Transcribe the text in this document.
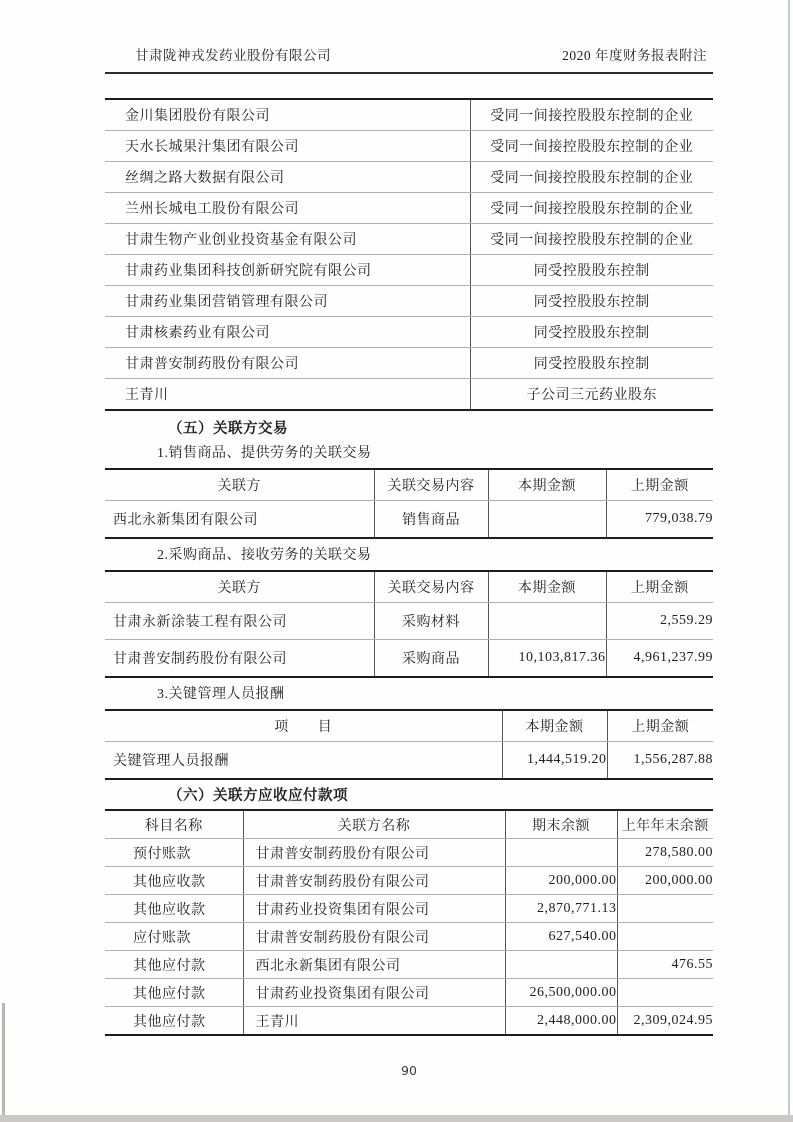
甘肃陇神戎发药业股份有限公司	2020 年度财务报表附注
金川集团股份有限公司	受同一间接控股股东控制的企业
天水长城果汁集团有限公司	受同一间接控股股东控制的企业
丝绸之路大数据有限公司	受同一间接控股股东控制的企业
兰州长城电工股份有限公司	受同一间接控股股东控制的企业
甘肃生物产业创业投资基金有限公司	受同一间接控股股东控制的企业
甘肃药业集团科技创新研究院有限公司	同受控股股东控制
甘肃药业集团营销管理有限公司	同受控股股东控制
甘肃核素药业有限公司	同受控股股东控制
甘肃普安制药股份有限公司	同受控股股东控制
王青川	子公司三元药业股东
（五）关联方交易
1.销售商品、提供劳务的关联交易
关联方	关联交易内容	本期金额	上期金额
西北永新集团有限公司	销售商品		779,038.79
2.采购商品、接收劳务的关联交易
关联方	关联交易内容	本期金额	上期金额
甘肃永新涂装工程有限公司	采购材料		2,559.29
甘肃普安制药股份有限公司	采购商品	10,103,817.36	4,961,237.99
3.关键管理人员报酬
项　　目	本期金额	上期金额
关键管理人员报酬	1,444,519.20	1,556,287.88
（六）关联方应收应付款项
科目名称	关联方名称	期末余额	上年年末余额
预付账款	甘肃普安制药股份有限公司		278,580.00
其他应收款	甘肃普安制药股份有限公司	200,000.00	200,000.00
其他应收款	甘肃药业投资集团有限公司	2,870,771.13	
应付账款	甘肃普安制药股份有限公司	627,540.00	
其他应付款	西北永新集团有限公司		476.55
其他应付款	甘肃药业投资集团有限公司	26,500,000.00	
其他应付款	王青川	2,448,000.00	2,309,024.95
90
